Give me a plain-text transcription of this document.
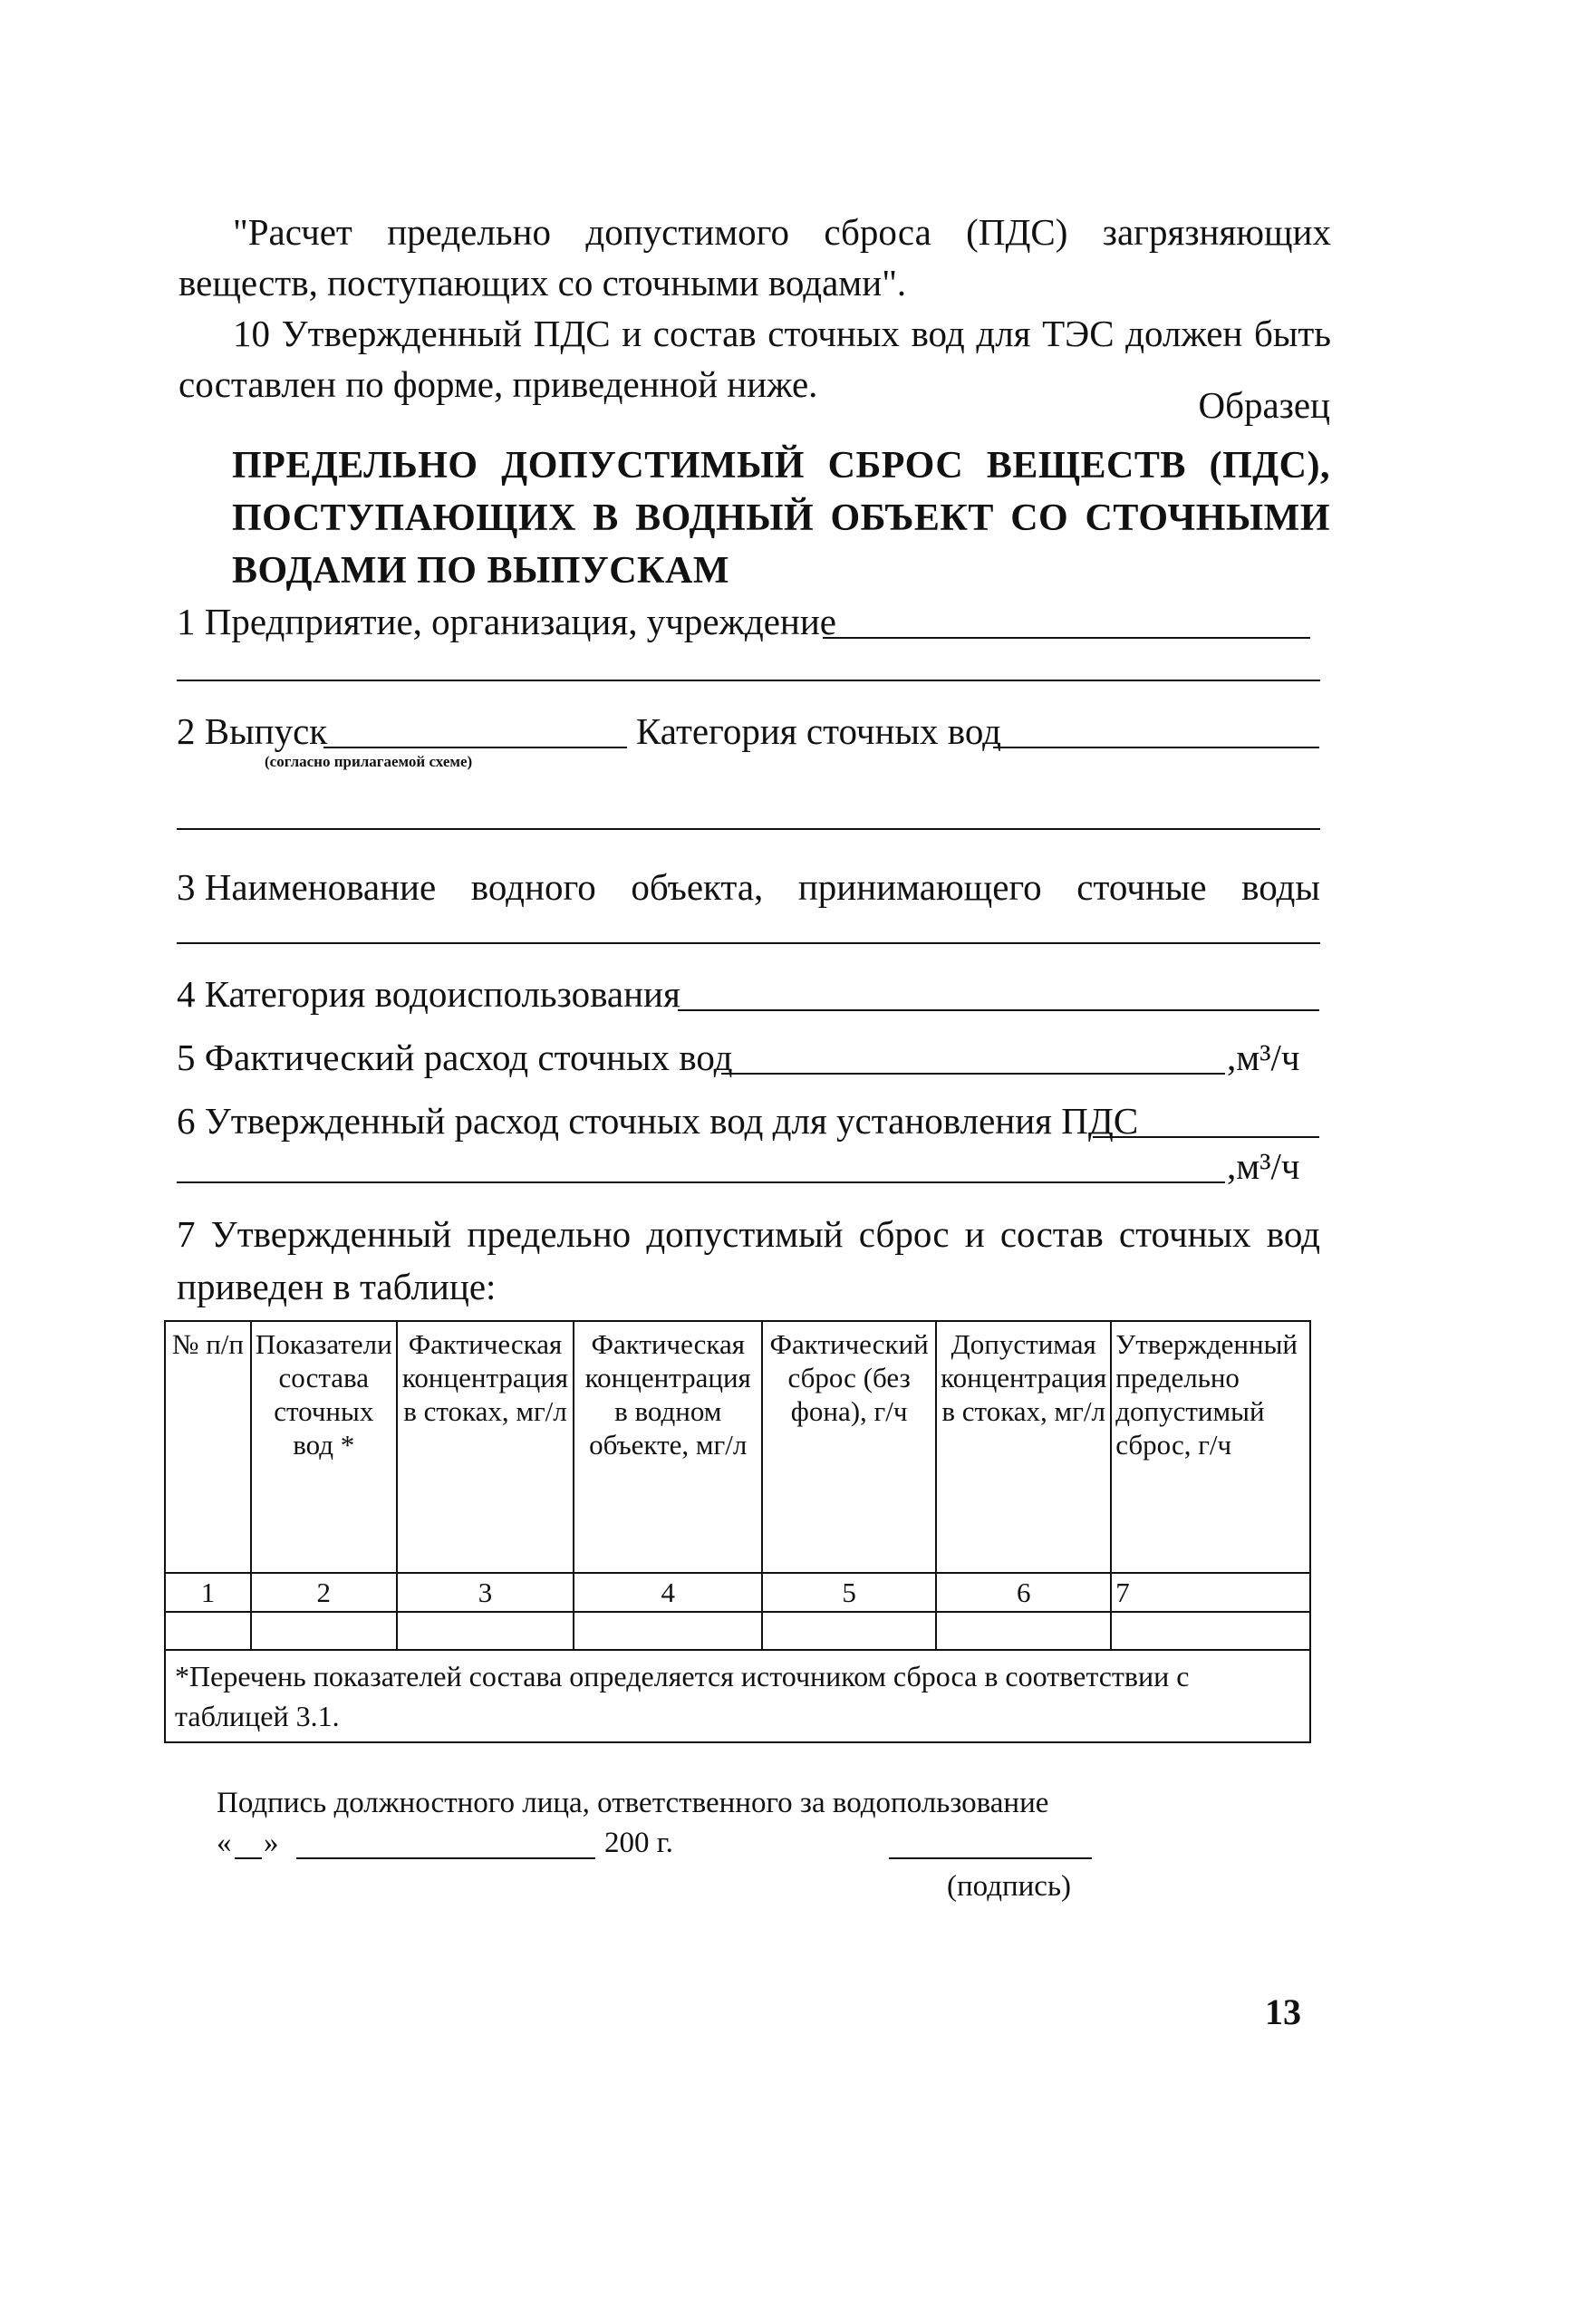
"Расчет предельно допустимого сброса (ПДС) загрязняющих веществ, поступающих со сточными водами".

10 Утвержденный ПДС и состав сточных вод для ТЭС должен быть составлен по форме, приведенной ниже.	Образец
ПРЕДЕЛЬНО ДОПУСТИМЫЙ СБРОС ВЕЩЕСТВ (ПДС),
ПОСТУПАЮЩИХ В ВОДНЫЙ ОБЪЕКТ СО СТОЧНЫМИ
ВОДАМИ ПО ВЫПУСКАМ
1 Предприятие, организация, учреждение
2 Выпуск
(согласно прилагаемой схеме)
Категория сточных вод
3 Наименование водного объекта, принимающего сточные воды
4 Категория водоиспользования
5 Фактический расход сточных вод	,м³/ч
6 Утвержденный расход сточных вод для установления ПДС
,м³/ч

7 Утвержденный предельно допустимый сброс и состав сточных вод приведен в таблице:

№ п/п	Показатели состава сточных вод *	Фактическая концентрация в стоках, мг/л	Фактическая концентрация в водном объекте, мг/л	Фактический сброс (без фона), г/ч	Допустимая концентрация в стоках, мг/л	Утвержденный предельно допустимый сброс, г/ч
1	2	3	4	5	6	7

*Перечень показателей состава определяется источником сброса в соответствии с таблицей 3.1.						
Подпись должностного лица, ответственного за водопользование
« »	200 г.
(подпись)
13
